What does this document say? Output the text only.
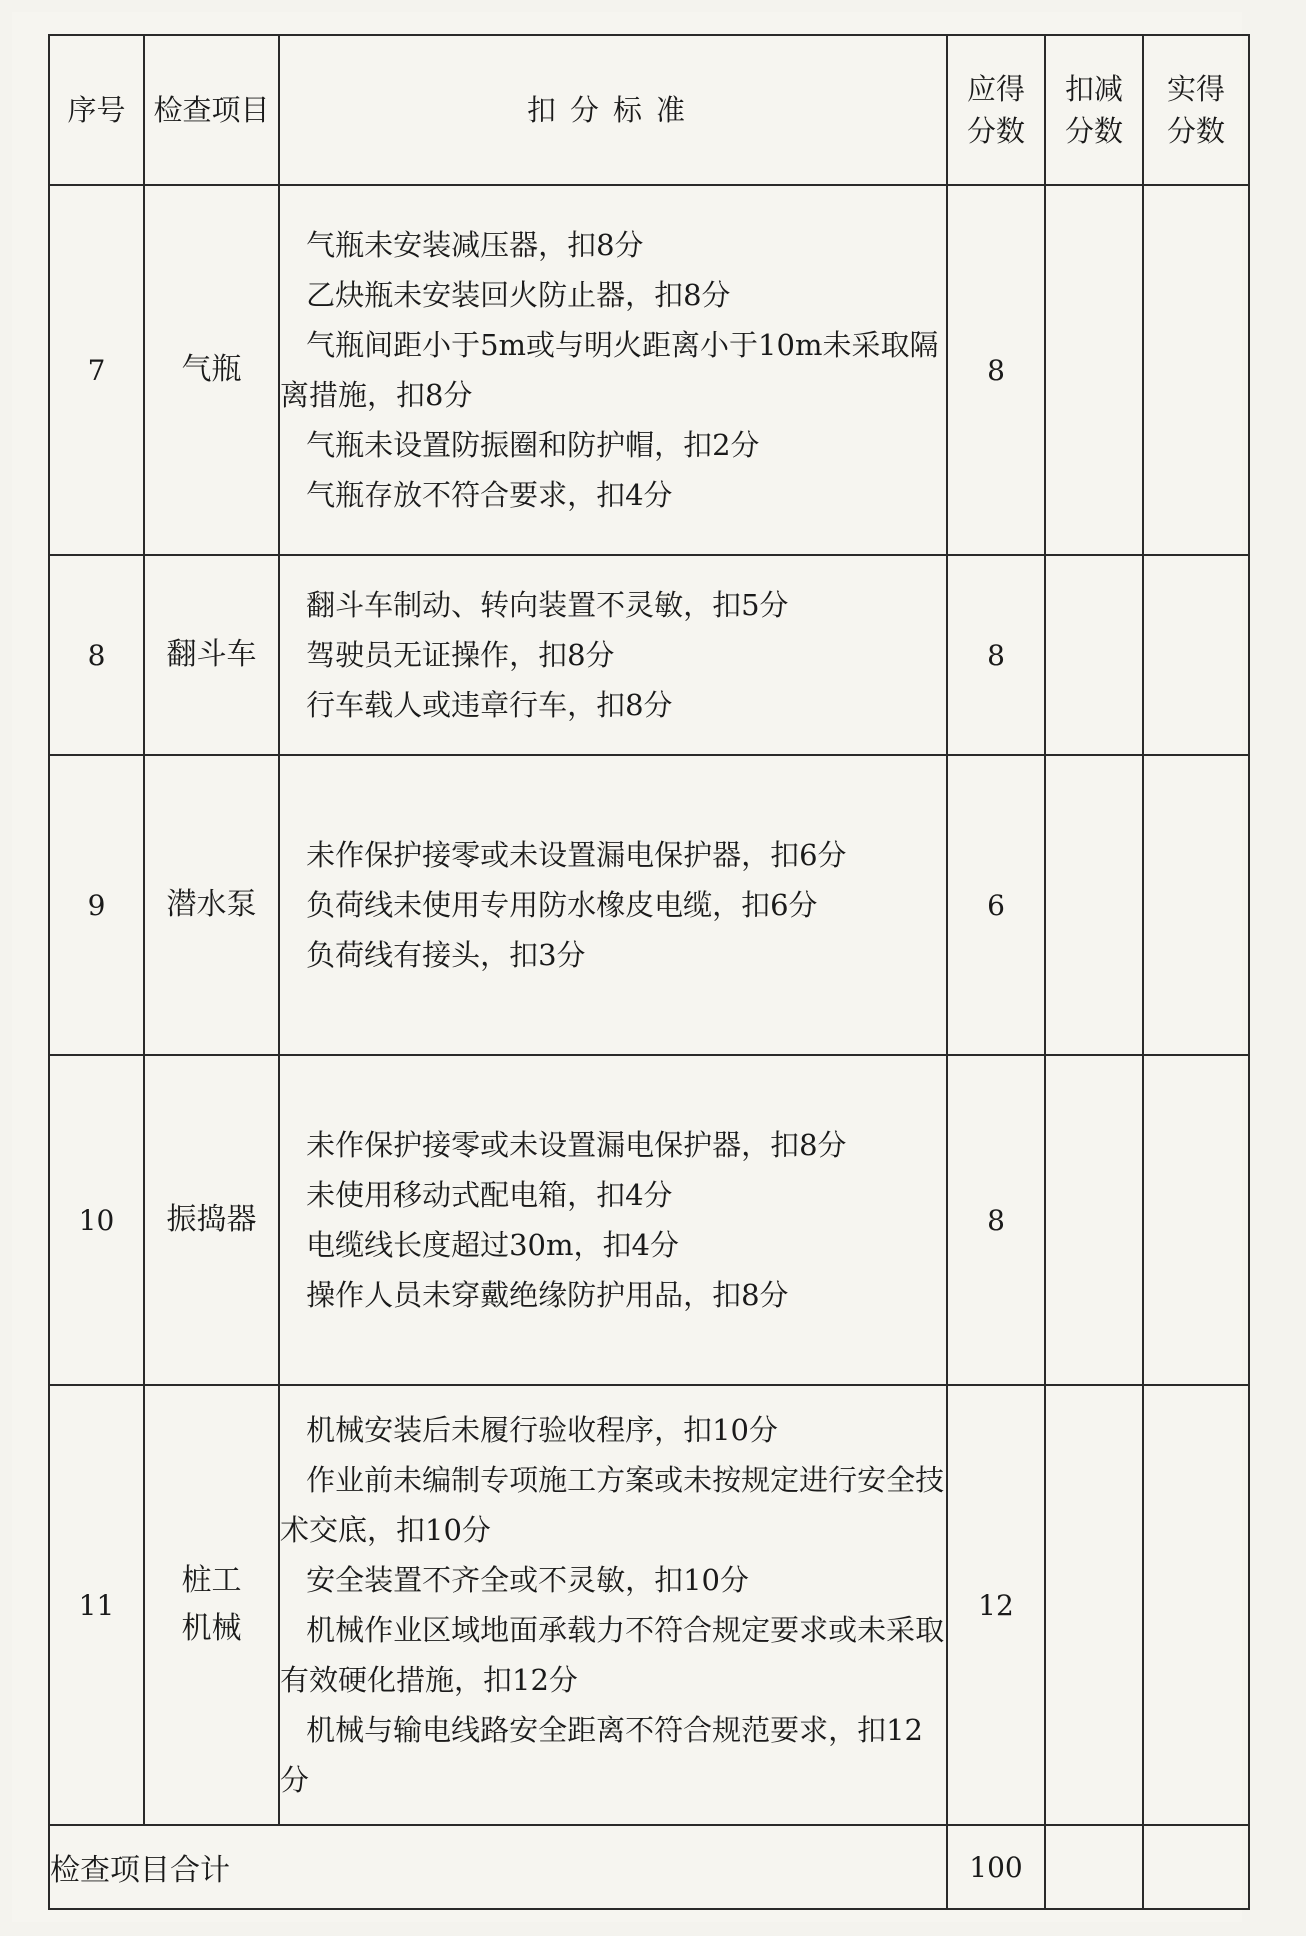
序号	检查项目	扣分标准	应得分数	扣减分数	实得分数
7	气瓶	气瓶未安装减压器，扣8分
乙炔瓶未安装回火防止器，扣8分
气瓶间距小于5m或与明火距离小于10m未采取隔离措施，扣8分
气瓶未设置防振圈和防护帽，扣2分
气瓶存放不符合要求，扣4分	8		
8	翻斗车	翻斗车制动、转向装置不灵敏，扣5分
驾驶员无证操作，扣8分
行车载人或违章行车，扣8分	8		
9	潜水泵	未作保护接零或未设置漏电保护器，扣6分
负荷线未使用专用防水橡皮电缆，扣6分
负荷线有接头，扣3分	6		
10	振捣器	未作保护接零或未设置漏电保护器，扣8分
未使用移动式配电箱，扣4分
电缆线长度超过30m，扣4分
操作人员未穿戴绝缘防护用品，扣8分	8		
11	桩工机械	机械安装后未履行验收程序，扣10分
作业前未编制专项施工方案或未按规定进行安全技术交底，扣10分
安全装置不齐全或不灵敏，扣10分
机械作业区域地面承载力不符合规定要求或未采取有效硬化措施，扣12分
机械与输电线路安全距离不符合规范要求，扣12分	12		
检查项目合计			100		
